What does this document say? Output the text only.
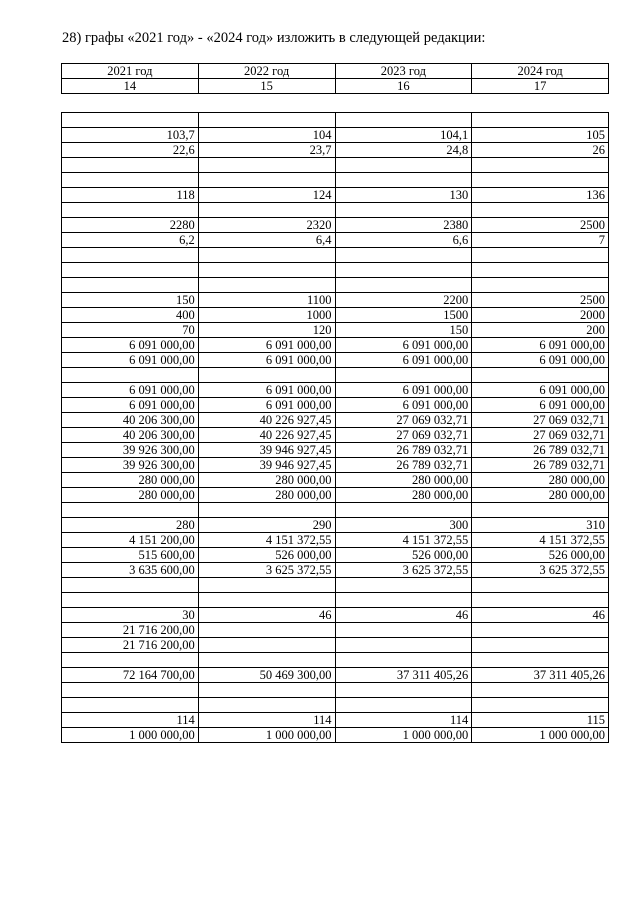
28) графы «2021 год» - «2024 год» изложить в следующей редакции:
2021 год	2022 год	2023 год	2024 год
14	15	16	17

103,7	104	104,1	105
22,6	23,7	24,8	26

118	124	130	136

2280	2320	2380	2500
6,2	6,4	6,6	7

150	1100	2200	2500
400	1000	1500	2000
70	120	150	200
6 091 000,00	6 091 000,00	6 091 000,00	6 091 000,00
6 091 000,00	6 091 000,00	6 091 000,00	6 091 000,00

6 091 000,00	6 091 000,00	6 091 000,00	6 091 000,00
6 091 000,00	6 091 000,00	6 091 000,00	6 091 000,00
40 206 300,00	40 226 927,45	27 069 032,71	27 069 032,71
40 206 300,00	40 226 927,45	27 069 032,71	27 069 032,71
39 926 300,00	39 946 927,45	26 789 032,71	26 789 032,71
39 926 300,00	39 946 927,45	26 789 032,71	26 789 032,71
280 000,00	280 000,00	280 000,00	280 000,00
280 000,00	280 000,00	280 000,00	280 000,00

280	290	300	310
4 151 200,00	4 151 372,55	4 151 372,55	4 151 372,55
515 600,00	526 000,00	526 000,00	526 000,00
3 635 600,00	3 625 372,55	3 625 372,55	3 625 372,55

30	46	46	46
21 716 200,00			
21 716 200,00			

72 164 700,00	50 469 300,00	37 311 405,26	37 311 405,26

114	114	114	115
1 000 000,00	1 000 000,00	1 000 000,00	1 000 000,00
